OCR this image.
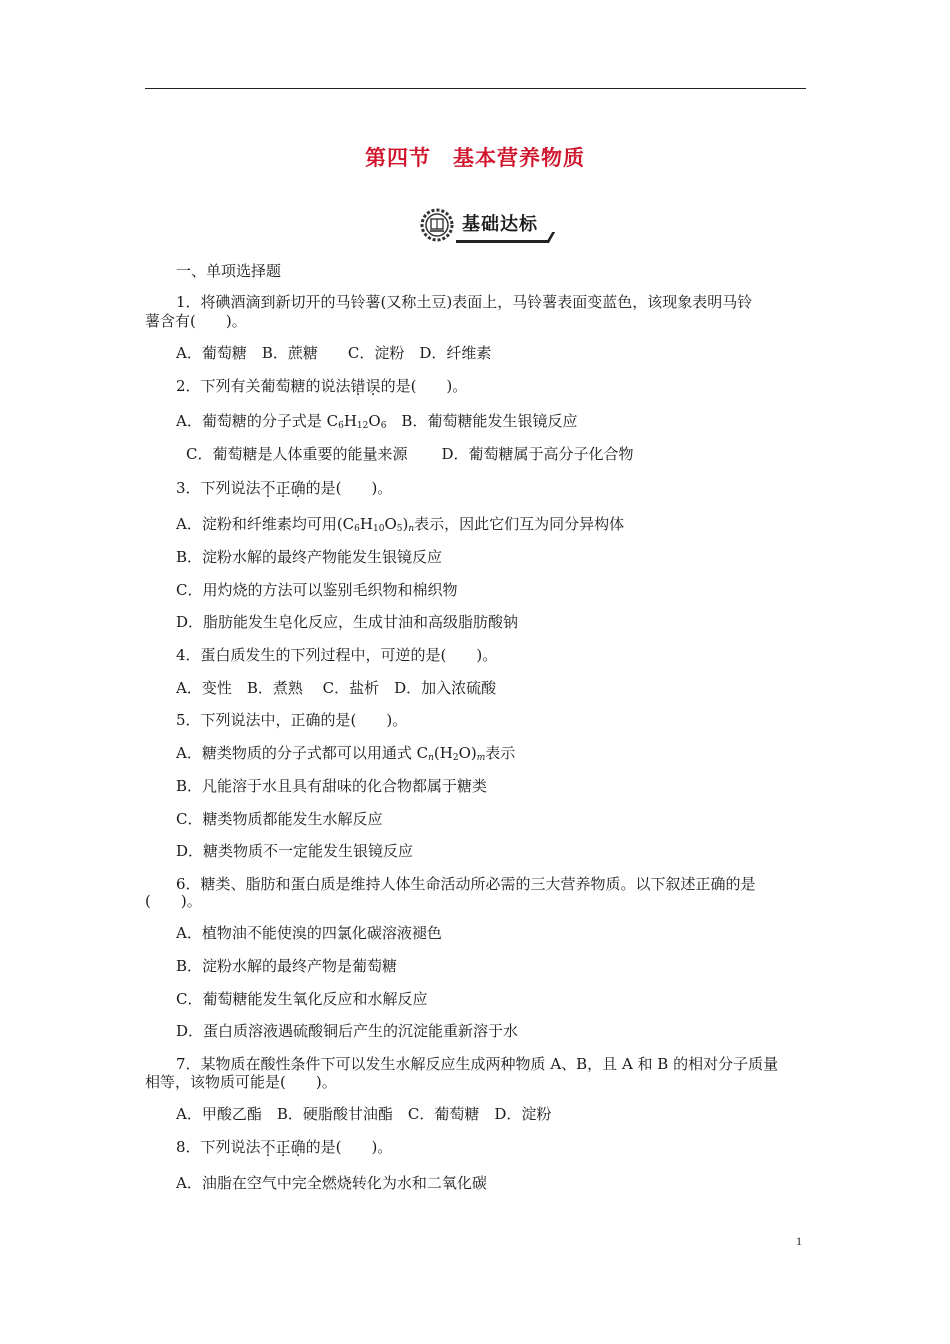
第四节　基本营养物质
基础达标
一、单项选择题
1．将碘酒滴到新切开的马铃薯(又称土豆)表面上，马铃薯表面变蓝色，该现象表明马铃
薯含有(　　)。
A．葡萄糖　B．蔗糖　　C．淀粉　D．纤维素
2．下列有关葡萄糖的说法错误的是(　　)。
A．葡萄糖的分子式是 $C_6H_{12}O_6$　B．葡萄糖能发生银镜反应
C．葡萄糖是人体重要的能量来源 D．葡萄糖属于高分子化合物
3．下列说法不正确的是(　　)。
A．淀粉和纤维素均可用$(C_6H_{10}O_5)_n$表示，因此它们互为同分异构体
B．淀粉水解的最终产物能发生银镜反应
C．用灼烧的方法可以鉴别毛织物和棉织物
D．脂肪能发生皂化反应，生成甘油和高级脂肪酸钠
4．蛋白质发生的下列过程中，可逆的是(　　)。
A．变性　B．煮熟　 C．盐析　D．加入浓硫酸
5．下列说法中，正确的是(　　)。
A．糖类物质的分子式都可以用通式 $C_n(H_2O)_m$表示
B．凡能溶于水且具有甜味的化合物都属于糖类
C．糖类物质都能发生水解反应
D．糖类物质不一定能发生银镜反应
6．糖类、脂肪和蛋白质是维持人体生命活动所必需的三大营养物质。以下叙述正确的是
(　　)。
A．植物油不能使溴的四氯化碳溶液褪色
B．淀粉水解的最终产物是葡萄糖
C．葡萄糖能发生氧化反应和水解反应
D．蛋白质溶液遇硫酸铜后产生的沉淀能重新溶于水
7．某物质在酸性条件下可以发生水解反应生成两种物质 A、B，且 A 和 B 的相对分子质量
相等，该物质可能是(　　)。
A．甲酸乙酯　B．硬脂酸甘油酯　C．葡萄糖　D．淀粉
8．下列说法不正确的是(　　)。
A．油脂在空气中完全燃烧转化为水和二氧化碳
1
